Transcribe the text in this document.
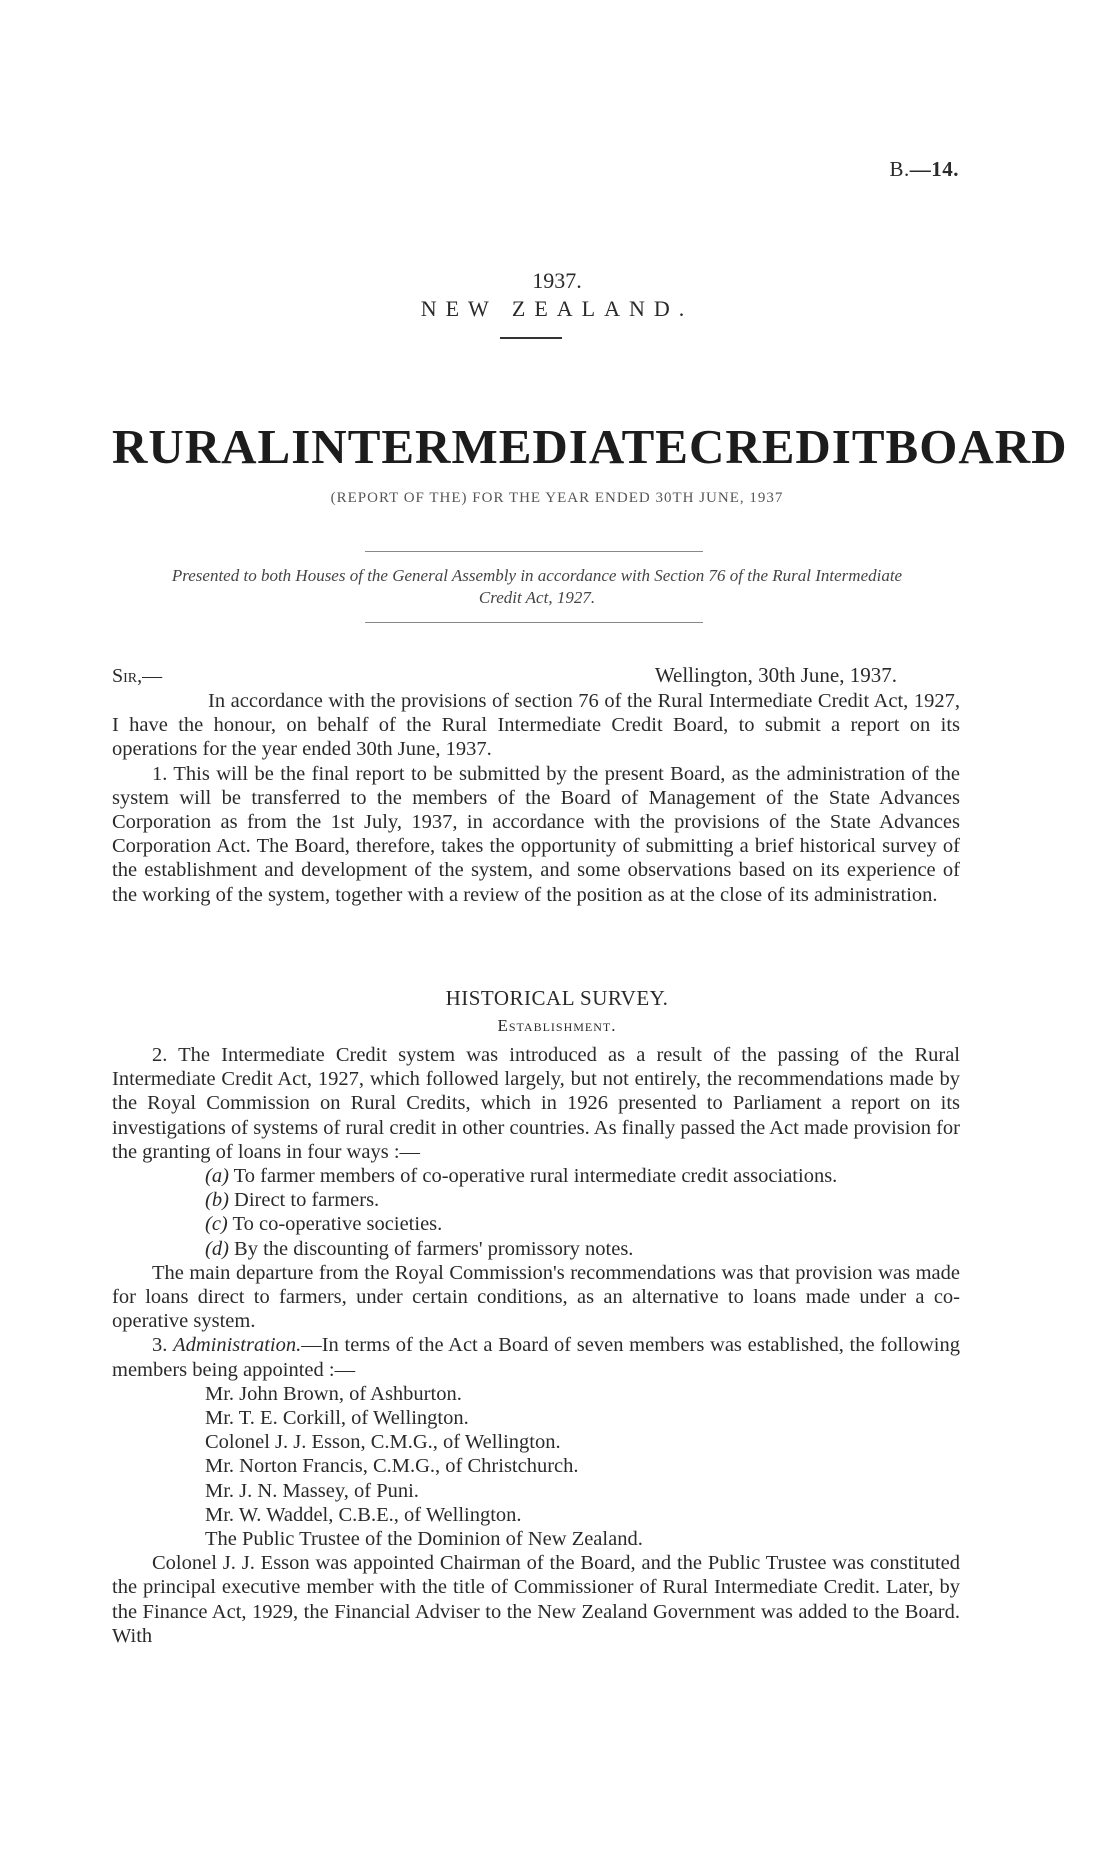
B.—14.
1937.
NEW ZEALAND.
RURAL INTERMEDIATE CREDIT BOARD
(REPORT OF THE) FOR THE YEAR ENDED 30TH JUNE, 1937
Presented to both Houses of the General Assembly in accordance with Section 76 of the Rural Intermediate
Credit Act, 1927.
Sir,—	Wellington, 30th June, 1937.

In accordance with the provisions of section 76 of the Rural Intermediate Credit Act, 1927, I have the honour, on behalf of the Rural Intermediate Credit Board, to submit a report on its operations for the year ended 30th June, 1937.

1. This will be the final report to be submitted by the present Board, as the administration of the system will be transferred to the members of the Board of Management of the State Advances Corporation as from the 1st July, 1937, in accordance with the provisions of the State Advances Corporation Act. The Board, therefore, takes the opportunity of submitting a brief historical survey of the establishment and development of the system, and some observations based on its experience of the working of the system, together with a review of the position as at the close of its administration.

HISTORICAL SURVEY.
Establishment.

2. The Intermediate Credit system was introduced as a result of the passing of the Rural Intermediate Credit Act, 1927, which followed largely, but not entirely, the recommendations made by the Royal Commission on Rural Credits, which in 1926 presented to Parliament a report on its investigations of systems of rural credit in other countries. As finally passed the Act made provision for the granting of loans in four ways :—

(a) To farmer members of co-operative rural intermediate credit associations.
(b) Direct to farmers.
(c) To co-operative societies.
(d) By the discounting of farmers' promissory notes.

The main departure from the Royal Commission's recommendations was that provision was made for loans direct to farmers, under certain conditions, as an alternative to loans made under a co-operative system.

3. Administration.—In terms of the Act a Board of seven members was established, the following members being appointed :—

Mr. John Brown, of Ashburton.
Mr. T. E. Corkill, of Wellington.
Colonel J. J. Esson, C.M.G., of Wellington.
Mr. Norton Francis, C.M.G., of Christchurch.
Mr. J. N. Massey, of Puni.
Mr. W. Waddel, C.B.E., of Wellington.
The Public Trustee of the Dominion of New Zealand.

Colonel J. J. Esson was appointed Chairman of the Board, and the Public Trustee was constituted the principal executive member with the title of Commissioner of Rural Intermediate Credit. Later, by the Finance Act, 1929, the Financial Adviser to the New Zealand Government was added to the Board. With
